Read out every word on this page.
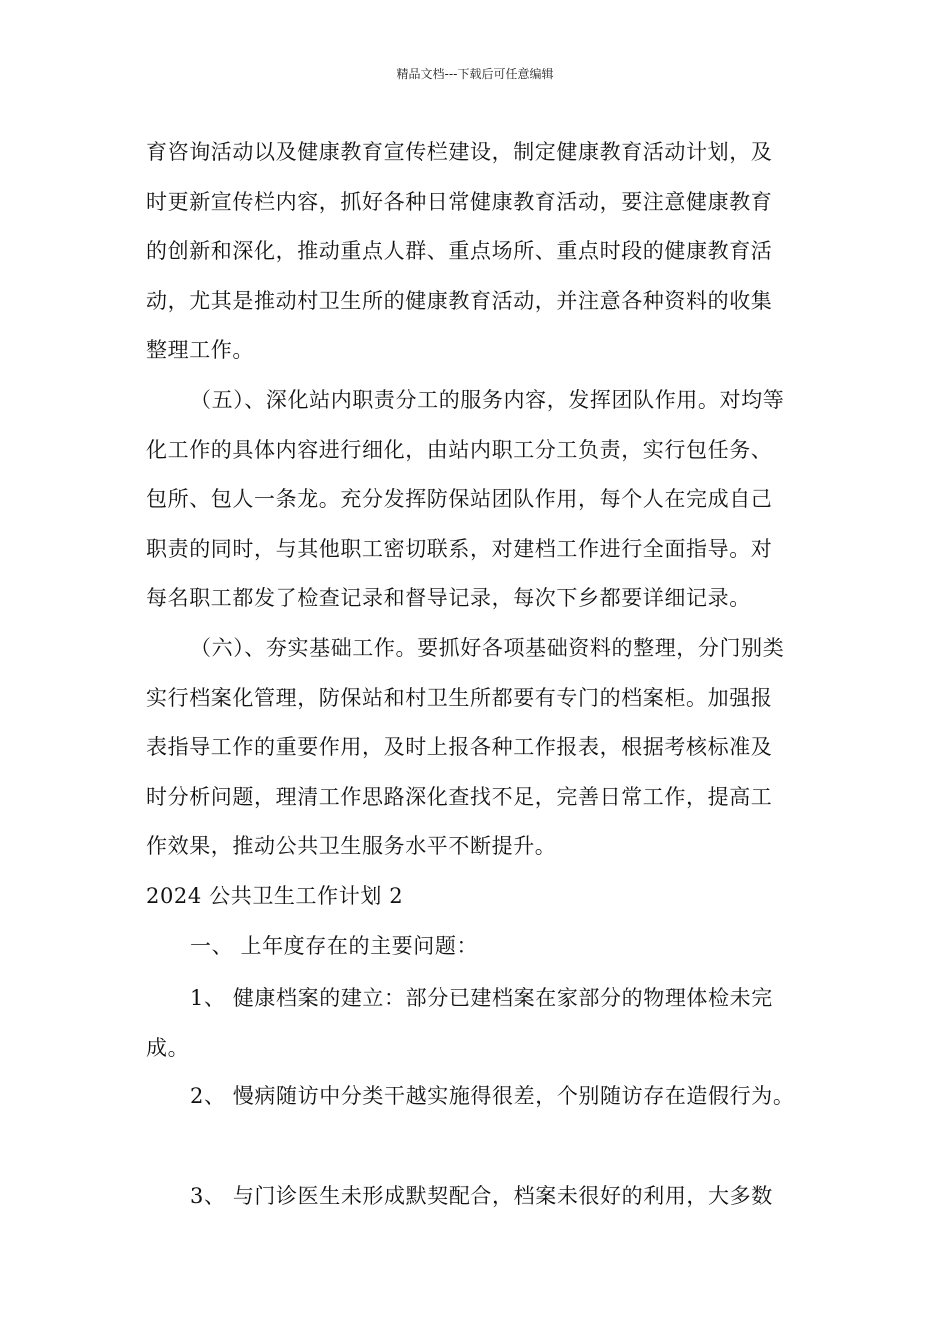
精品文档---下载后可任意编辑
育咨询活动以及健康教育宣传栏建设，制定健康教育活动计划，及
时更新宣传栏内容，抓好各种日常健康教育活动，要注意健康教育
的创新和深化，推动重点人群、重点场所、重点时段的健康教育活
动，尤其是推动村卫生所的健康教育活动，并注意各种资料的收集
整理工作。
（五）、深化站内职责分工的服务内容，发挥团队作用。对均等
化工作的具体内容进行细化，由站内职工分工负责，实行包任务、
包所、包人一条龙。充分发挥防保站团队作用，每个人在完成自己
职责的同时，与其他职工密切联系，对建档工作进行全面指导。对
每名职工都发了检查记录和督导记录，每次下乡都要详细记录。
（六）、夯实基础工作。要抓好各项基础资料的整理，分门别类
实行档案化管理，防保站和村卫生所都要有专门的档案柜。加强报
表指导工作的重要作用，及时上报各种工作报表，根据考核标准及
时分析问题，理清工作思路深化查找不足，完善日常工作，提高工
作效果，推动公共卫生服务水平不断提升。
2024 公共卫生工作计划 2
一、 上年度存在的主要问题：
1、 健康档案的建立：部分已建档案在家部分的物理体检未完
成。
2、 慢病随访中分类干越实施得很差，个别随访存在造假行为。
3、 与门诊医生未形成默契配合，档案未很好的利用，大多数
